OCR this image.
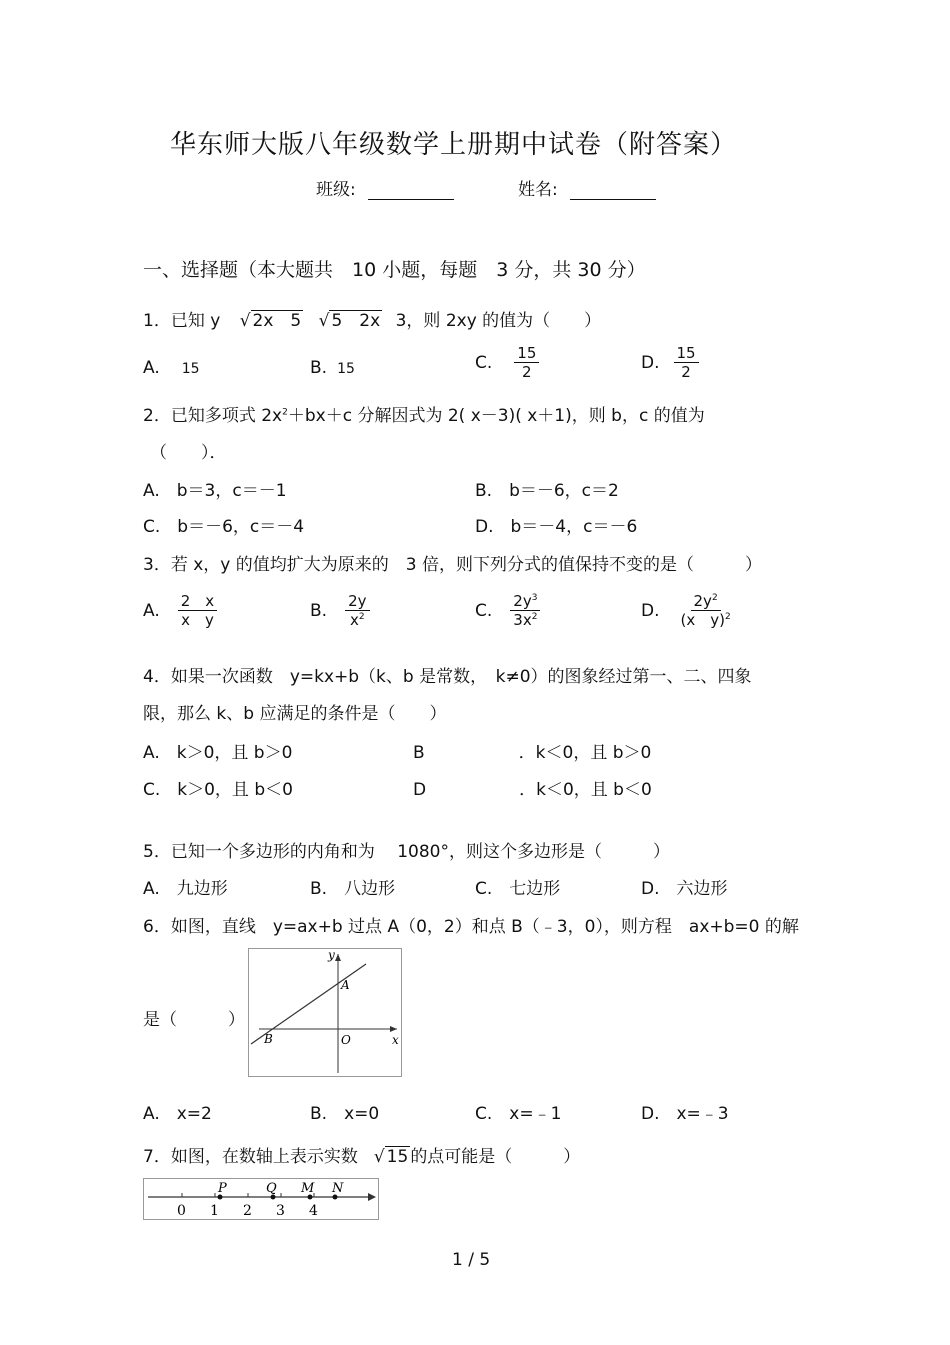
华东师大版八年级数学上册期中试卷（附答案）
班级:	姓名:
一、选择题（本大题共　10 小题，每题　3 分，共 30 分）
1．已知 y √ 2x　5 √ 5　2x 3，则 2xy 的值为（　　）
A. 15	B. 15	C. $\frac{15}{2}$	D. $\frac{15}{2}$
2．已知多项式 $2x^2+bx+c$ 分解因式为 2( x－3)( x＋1)，则 b，c 的值为
（　　）．
A.　b＝3，c＝－1	B.　b＝－6，c＝2
C.　b＝－6，c＝－4	D.　b＝－4，c＝－6
3．若 x，y 的值均扩大为原来的　3 倍，则下列分式的值保持不变的是（　　　）
A. $\frac{2 x}{\text{x　y}}$	B. $\frac{2y}{x^2}$	C. $\frac{2y^3}{3x^2}$	D. $\frac{2y^2}{(x y)^2}$
4．如果一次函数　y=kx+b（k、b 是常数，　k≠0）的图象经过第一、二、四象
限，那么 k、b 应满足的条件是（　　）
A.　k＞0，且 b＞0	B	．k＜0，且 b＞0
C.　k＞0，且 b＜0	D	．k＜0，且 b＜0
5．已知一个多边形的内角和为　 1080°，则这个多边形是（　　　）
A.　九边形	B.　八边形	C.　七边形	D.　六边形
6．如图，直线　y=ax+b 过点 A（0，2）和点 B（﹣3，0），则方程　ax+b=0 的解
是（　　　）
y
x
A
B	O
A.　x=2	B.　x=0	C.　x=﹣1	D.　x=﹣3
7．如图，在数轴上表示实数 √ 15 的点可能是（　　　）
0 1 2 3 4
P	Q M N
1 / 5
